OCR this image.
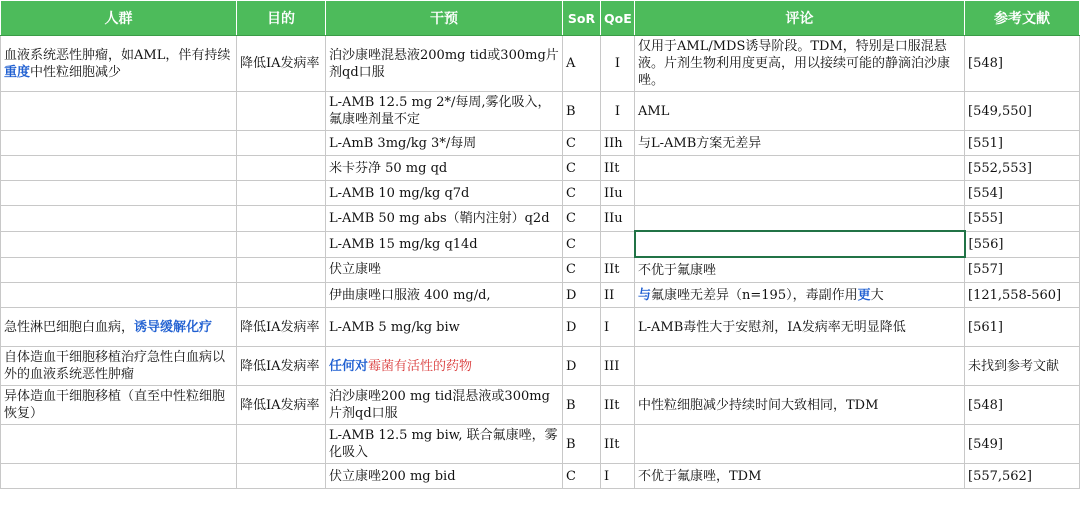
人群	目的	干预	SoR	QoE	评论	参考文献
血液系统恶性肿瘤，如AML，伴有持续重度中性粒细胞减少	降低IA发病率	泊沙康唑混悬液200mg tid或300mg片剂qd口服	A	I	仅用于AML/MDS诱导阶段。TDM，特别是口服混悬液。片剂生物利用度更高，用以接续可能的静滴泊沙康唑。	[548]
		L-AMB 12.5 mg 2*/每周,雾化吸入，氟康唑剂量不定	B	I	AML	[549,550]
		L-AmB 3mg/kg 3*/每周	C	IIh	与L-AMB方案无差异	[551]
		米卡芬净 50 mg qd	C	IIt		[552,553]
		L-AMB 10 mg/kg q7d	C	IIu		[554]
		L-AMB 50 mg abs（鞘内注射）q2d	C	IIu		[555]
		L-AMB 15 mg/kg q14d	C			[556]
		伏立康唑	C	IIt	不优于氟康唑	[557]
		伊曲康唑口服液 400 mg/d,	D	II	与氟康唑无差异（n=195），毒副作用更大	[121,558-560]
急性淋巴细胞白血病，诱导缓解化疗	降低IA发病率	L-AMB 5 mg/kg biw	D	I	L-AMB毒性大于安慰剂，IA发病率无明显降低	[561]
自体造血干细胞移植治疗急性白血病以外的血液系统恶性肿瘤	降低IA发病率	任何对霉菌有活性的药物	D	III		未找到参考文献
异体造血干细胞移植（直至中性粒细胞恢复）	降低IA发病率	泊沙康唑200 mg tid混悬液或300mg片剂qd口服	B	IIt	中性粒细胞减少持续时间大致相同，TDM	[548]
		L-AMB 12.5 mg biw, 联合氟康唑，雾化吸入	B	IIt		[549]
		伏立康唑200 mg bid	C	I	不优于氟康唑，TDM	[557,562]
